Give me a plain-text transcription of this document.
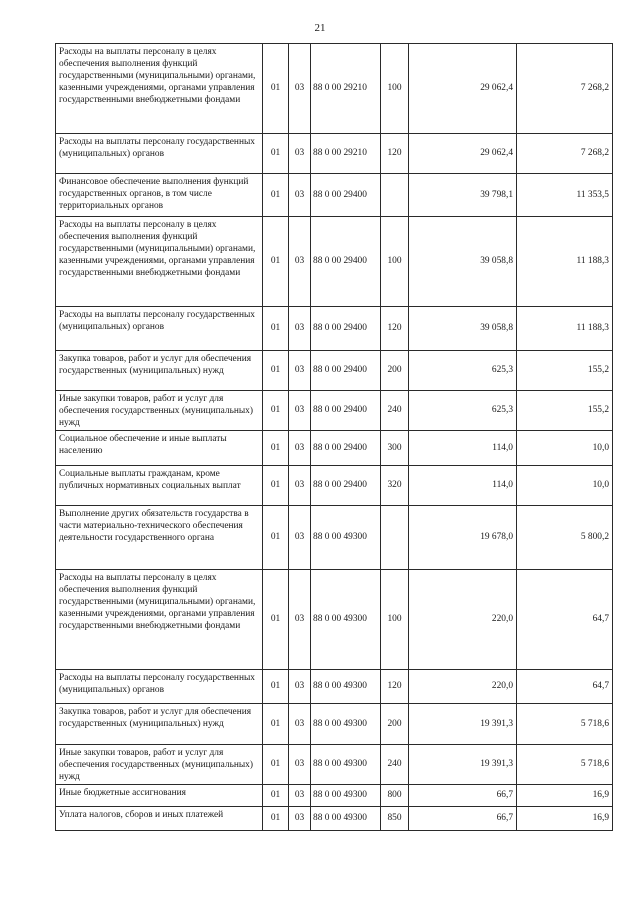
21
Расходы на выплаты персоналу в целях обеспечения выполнения функций государственными (муниципальными) органами, казенными учреждениями, органами управления государственными внебюджетными фондами	01	03	88 0 00 29210	100	29 062,4	7 268,2
Расходы на выплаты персоналу государственных (муниципальных) органов	01	03	88 0 00 29210	120	29 062,4	7 268,2
Финансовое обеспечение выполнения функций государственных органов, в том числе территориальных органов	01	03	88 0 00 29400		39 798,1	11 353,5
Расходы на выплаты персоналу в целях обеспечения выполнения функций государственными (муниципальными) органами, казенными учреждениями, органами управления государственными внебюджетными фондами	01	03	88 0 00 29400	100	39 058,8	11 188,3
Расходы на выплаты персоналу государственных (муниципальных) органов	01	03	88 0 00 29400	120	39 058,8	11 188,3
Закупка товаров, работ и услуг для обеспечения государственных (муниципальных) нужд	01	03	88 0 00 29400	200	625,3	155,2
Иные закупки товаров, работ и услуг для обеспечения государственных (муниципальных) нужд	01	03	88 0 00 29400	240	625,3	155,2
Социальное обеспечение и иные выплаты населению	01	03	88 0 00 29400	300	114,0	10,0
Социальные выплаты гражданам, кроме публичных нормативных социальных выплат	01	03	88 0 00 29400	320	114,0	10,0
Выполнение других обязательств государства в части материально-технического обеспечения деятельности государственного органа	01	03	88 0 00 49300		19 678,0	5 800,2
Расходы на выплаты персоналу в целях обеспечения выполнения функций государственными (муниципальными) органами, казенными учреждениями, органами управления государственными внебюджетными фондами	01	03	88 0 00 49300	100	220,0	64,7
Расходы на выплаты персоналу государственных (муниципальных) органов	01	03	88 0 00 49300	120	220,0	64,7
Закупка товаров, работ и услуг для обеспечения государственных (муниципальных) нужд	01	03	88 0 00 49300	200	19 391,3	5 718,6
Иные закупки товаров, работ и услуг для обеспечения государственных (муниципальных) нужд	01	03	88 0 00 49300	240	19 391,3	5 718,6
Иные бюджетные ассигнования	01	03	88 0 00 49300	800	66,7	16,9
Уплата налогов, сборов и иных платежей	01	03	88 0 00 49300	850	66,7	16,9
